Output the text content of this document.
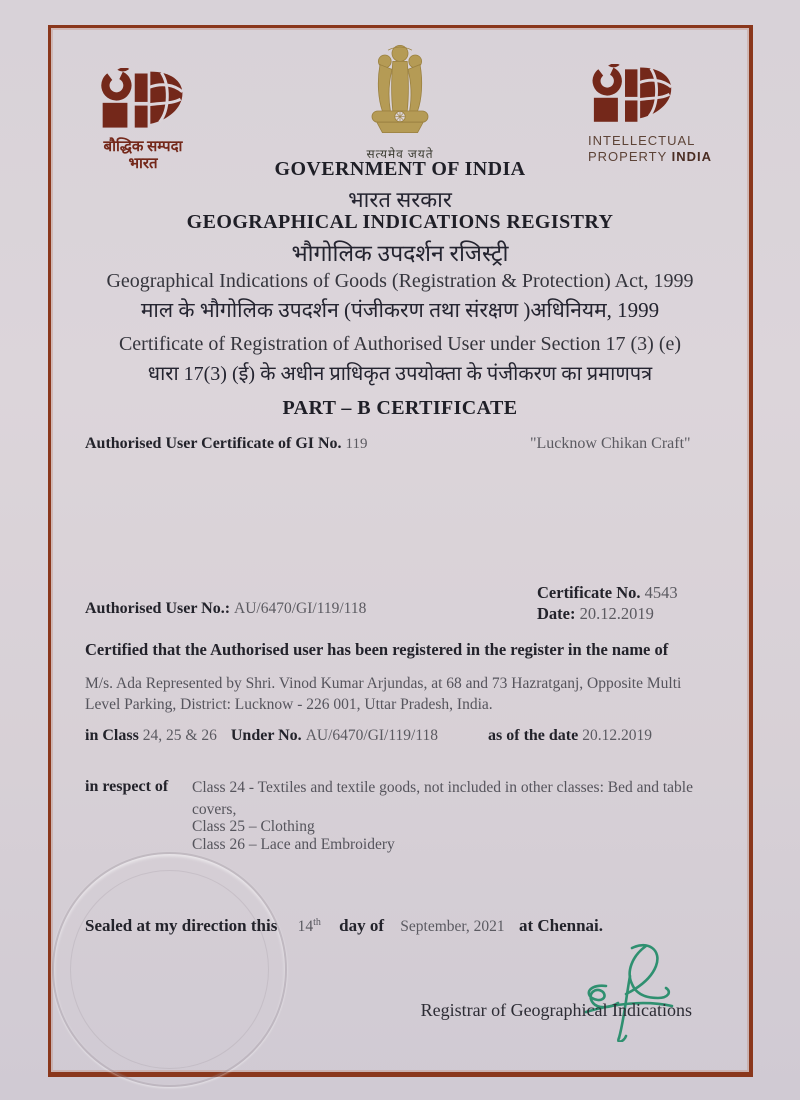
बौद्धिक सम्पदा
भारत
सत्यमेव जयते
INTELLECTUAL
PROPERTY INDIA
GOVERNMENT OF INDIA
भारत सरकार
GEOGRAPHICAL INDICATIONS REGISTRY
भौगोलिक उपदर्शन रजिस्ट्री
Geographical Indications of Goods (Registration & Protection) Act, 1999
माल के भौगोलिक उपदर्शन (पंजीकरण तथा संरक्षण )अधिनियम, 1999
Certificate of Registration of Authorised User under Section 17 (3) (e)
धारा 17(3) (ई) के अधीन प्राधिकृत उपयोक्ता के पंजीकरण का प्रमाणपत्र
PART – B CERTIFICATE
Authorised User Certificate of GI No. 119	"Lucknow Chikan Craft"
Certificate No. 4543
Date: 20.12.2019
Authorised User No.: AU/6470/GI/119/118
Certified that the Authorised user has been registered in the register in the name of
M/s. Ada Represented by Shri. Vinod Kumar Arjundas, at 68 and 73 Hazratganj, Opposite Multi Level Parking, District: Lucknow - 226 001, Uttar Pradesh, India.
in Class 24, 25 & 26 Under No. AU/6470/GI/119/118	as of the date 20.12.2019
in respect of Class 24 - Textiles and textile goods, not included in other classes: Bed and table
covers,
Class 25 – Clothing
Class 26 – Lace and Embroidery
Sealed at my direction this 14th day of September, 2021 at Chennai.
Registrar of Geographical Indications
